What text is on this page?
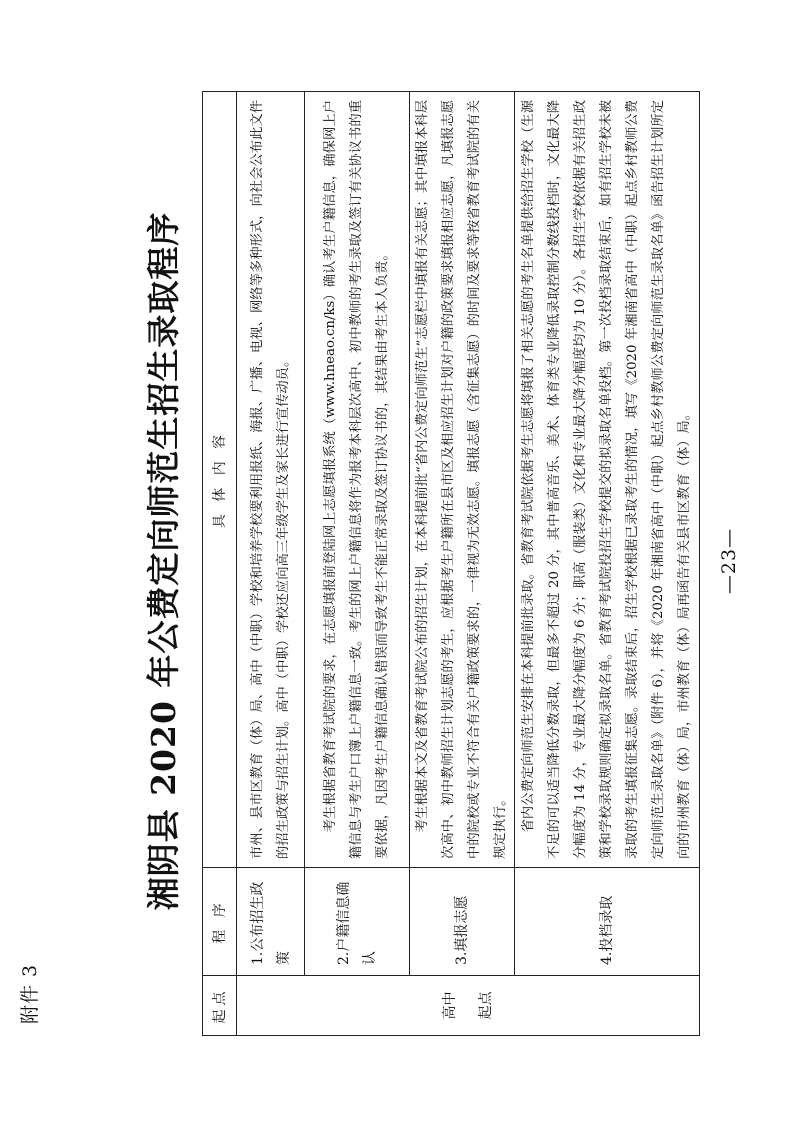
附件 3
湘阴县 2020 年公费定向师范生招生录取程序
起点	程 序	具 体 内 容

高中 起点	1.公布招生政策	市州、县市区教育（体）局、高中（中职）学校和培养学校要利用报纸、海报、广播、电视、网络等多种形式，向社会公布此文件的招生政策与招生计划。高中（中职）学校还应向高三年级学生及家长进行宣传动员。

	2.户籍信息确认	考生根据省教育考试院的要求，在志愿填报前登陆网上志愿填报系统（www.hneao.cn/ks）确认考生户籍信息，确保网上户籍信息与考生户口簿上户籍信息一致。考生的网上户籍信息将作为报考本科层次高中、初中教师的考生录取及签订有关协议书的重要依据，凡因考生户籍信息确认错误而导致考生不能正常录取及签订协议书的，其结果由考生本人负责。

	3.填报志愿	考生根据本文及省教育考试院公布的招生计划，在本科提前批“省内公费定向师范生”志愿栏中填报有关志愿；其中填报本科层次高中、初中教师招生计划志愿的考生，应根据考生户籍所在县市区及相应招生计划对户籍的政策要求填报相应志愿，凡填报志愿中的院校或专业不符合有关户籍政策要求的，一律视为无效志愿。填报志愿（含征集志愿）的时间及要求等按省教育考试院的有关规定执行。

	4.投档录取	省内公费定向师范生安排在本科提前批录取。省教育考试院依据考生志愿将填报了相关志愿的考生名单提供给招生学校（生源不足的可以适当降低分数录取，但最多不超过 20 分，其中普高音乐、美术、体育类专业降低录取控制分数线投档时，文化最大降分幅度为 14 分，专业最大降分幅度为 6 分；职高（服装类）文化和专业最大降分幅度均为 10 分）。各招生学校依据有关招生政策和学校录取规则确定拟录取名单。省教育考试院投招生学校提交的拟录取名单投档。第一次投档录取结束后，如有招生学校未被录取的考生填报征集志愿。录取结束后，招生学校根据已录取考生的情况，填写《2020 年湘南省高中（中职）起点乡村教师公费定向师范生录取名单》（附件 6），并将《2020 年湘南省高中（中职）起点乡村教师公费定向师范生录取名单》函告招生计划所定向的市州教育（体）局，市州教育（体）局再函告有关县市区教育（体）局。	—23—
